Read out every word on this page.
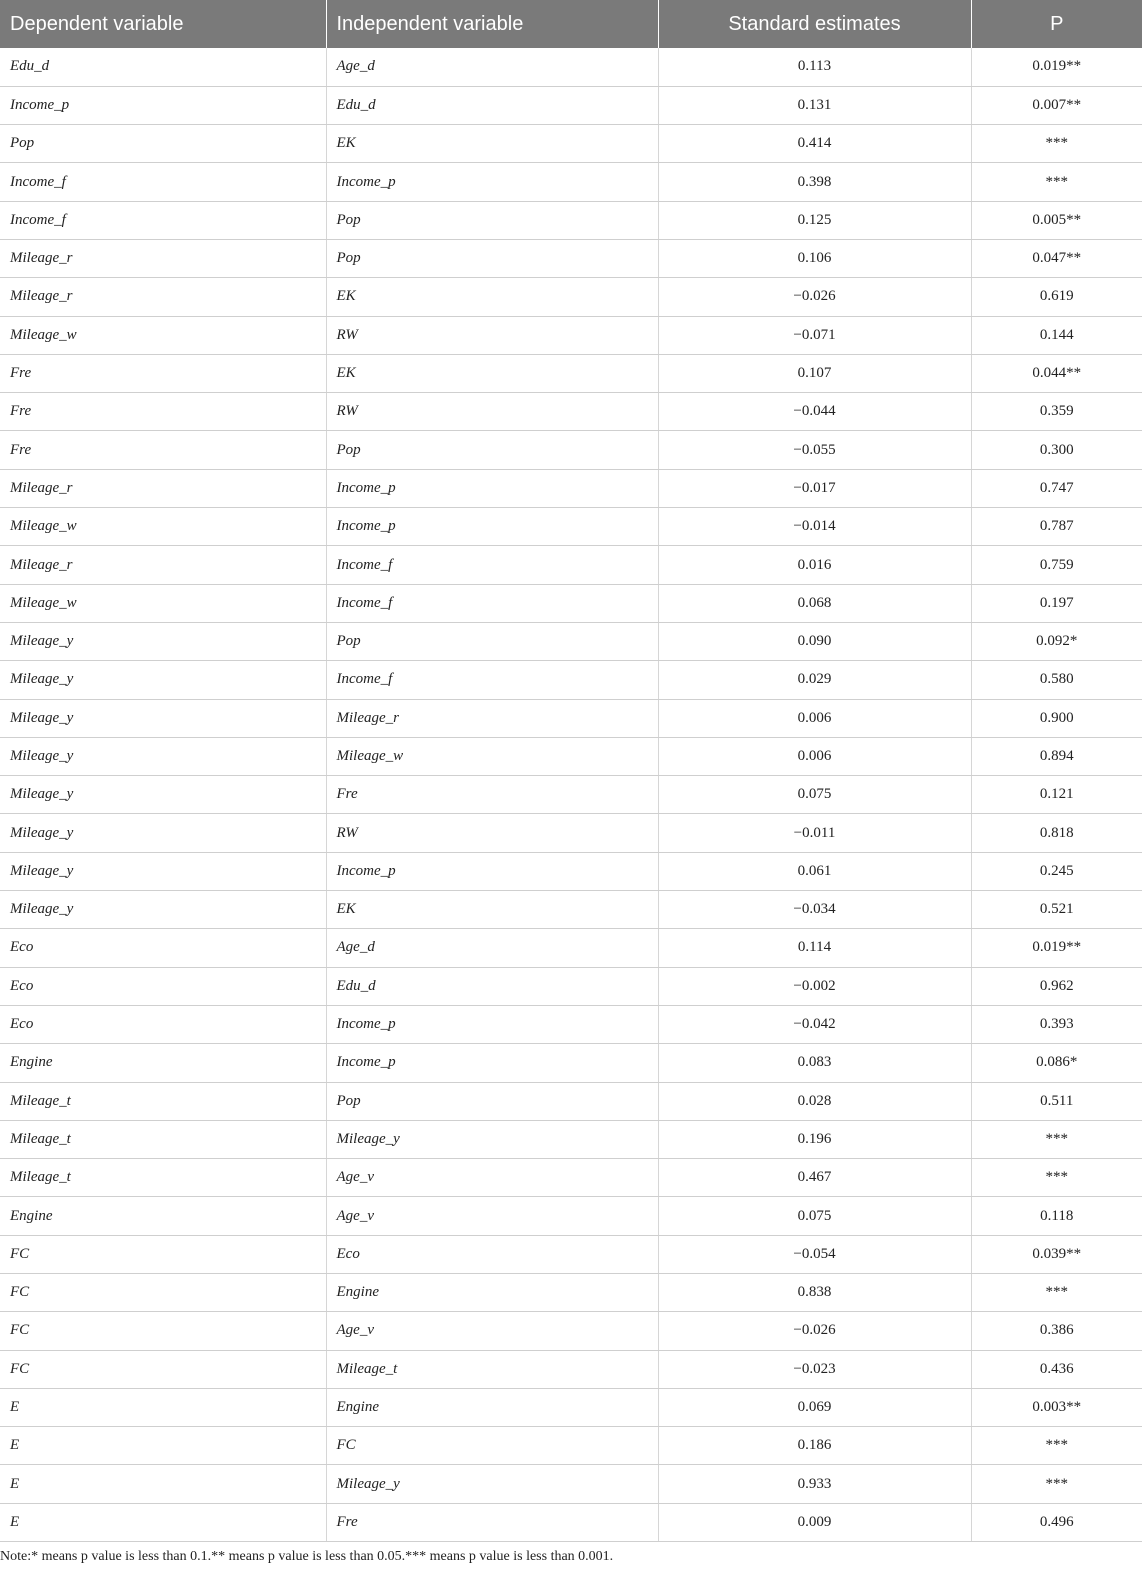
Dependent variable	Independent variable	Standard estimates	P
Edu_d	Age_d	0.113	0.019**
Income_p	Edu_d	0.131	0.007**
Pop	EK	0.414	***
Income_f	Income_p	0.398	***
Income_f	Pop	0.125	0.005**
Mileage_r	Pop	0.106	0.047**
Mileage_r	EK	−0.026	0.619
Mileage_w	RW	−0.071	0.144
Fre	EK	0.107	0.044**
Fre	RW	−0.044	0.359
Fre	Pop	−0.055	0.300
Mileage_r	Income_p	−0.017	0.747
Mileage_w	Income_p	−0.014	0.787
Mileage_r	Income_f	0.016	0.759
Mileage_w	Income_f	0.068	0.197
Mileage_y	Pop	0.090	0.092*
Mileage_y	Income_f	0.029	0.580
Mileage_y	Mileage_r	0.006	0.900
Mileage_y	Mileage_w	0.006	0.894
Mileage_y	Fre	0.075	0.121
Mileage_y	RW	−0.011	0.818
Mileage_y	Income_p	0.061	0.245
Mileage_y	EK	−0.034	0.521
Eco	Age_d	0.114	0.019**
Eco	Edu_d	−0.002	0.962
Eco	Income_p	−0.042	0.393
Engine	Income_p	0.083	0.086*
Mileage_t	Pop	0.028	0.511
Mileage_t	Mileage_y	0.196	***
Mileage_t	Age_v	0.467	***
Engine	Age_v	0.075	0.118
FC	Eco	−0.054	0.039**
FC	Engine	0.838	***
FC	Age_v	−0.026	0.386
FC	Mileage_t	−0.023	0.436
E	Engine	0.069	0.003**
E	FC	0.186	***
E	Mileage_y	0.933	***
E	Fre	0.009	0.496
Note:* means p value is less than 0.1.** means p value is less than 0.05.*** means p value is less than 0.001.
